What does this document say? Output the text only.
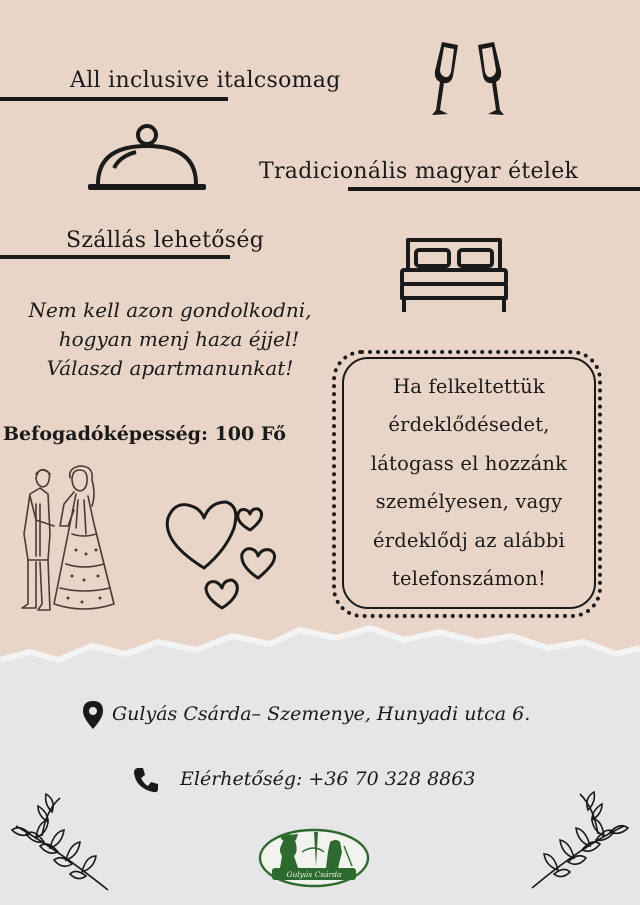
All inclusive italcsomag
Tradicionális magyar ételek
Szállás lehetőség
Nem kell azon gondolkodni,
hogyan menj haza éjjel!
Válaszd apartmanunkat!
Befogadóképesség: 100 Fő
Ha felkeltettük
érdeklődésedet,
látogass el hozzánk
személyesen, vagy
érdeklődj az alábbi
telefonszámon!
Gulyás Csárda– Szemenye, Hunyadi utca 6.
Elérhetőség: +36 70 328 8863
Gulyás Csárda
